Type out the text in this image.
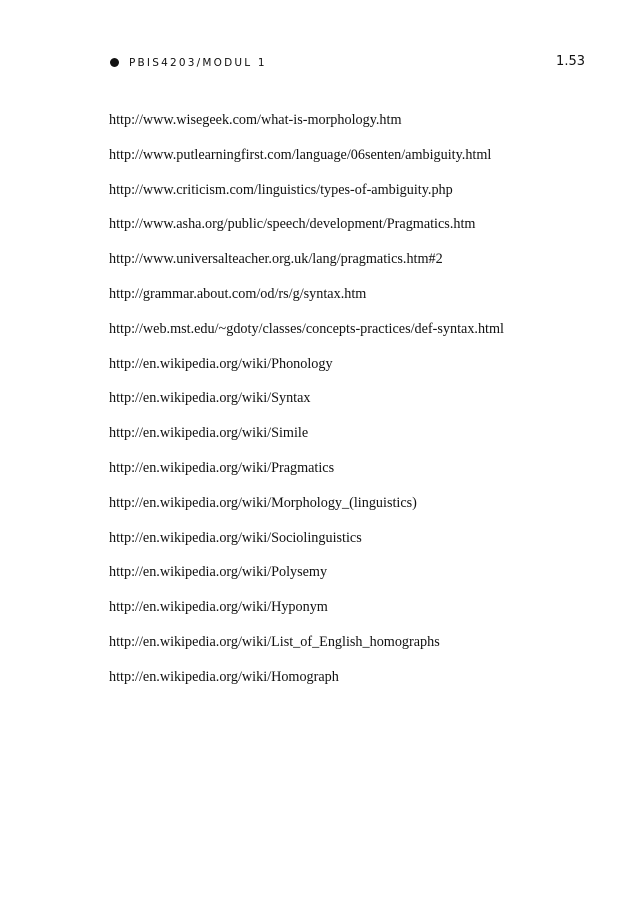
PBIS4203/MODUL 1	1.53
http://www.wisegeek.com/what-is-morphology.htm
http://www.putlearningfirst.com/language/06senten/ambiguity.html
http://www.criticism.com/linguistics/types-of-ambiguity.php
http://www.asha.org/public/speech/development/Pragmatics.htm
http://www.universalteacher.org.uk/lang/pragmatics.htm#2
http://grammar.about.com/od/rs/g/syntax.htm
http://web.mst.edu/~gdoty/classes/concepts-practices/def-syntax.html
http://en.wikipedia.org/wiki/Phonology
http://en.wikipedia.org/wiki/Syntax
http://en.wikipedia.org/wiki/Simile
http://en.wikipedia.org/wiki/Pragmatics
http://en.wikipedia.org/wiki/Morphology_(linguistics)
http://en.wikipedia.org/wiki/Sociolinguistics
http://en.wikipedia.org/wiki/Polysemy
http://en.wikipedia.org/wiki/Hyponym
http://en.wikipedia.org/wiki/List_of_English_homographs
http://en.wikipedia.org/wiki/Homograph
